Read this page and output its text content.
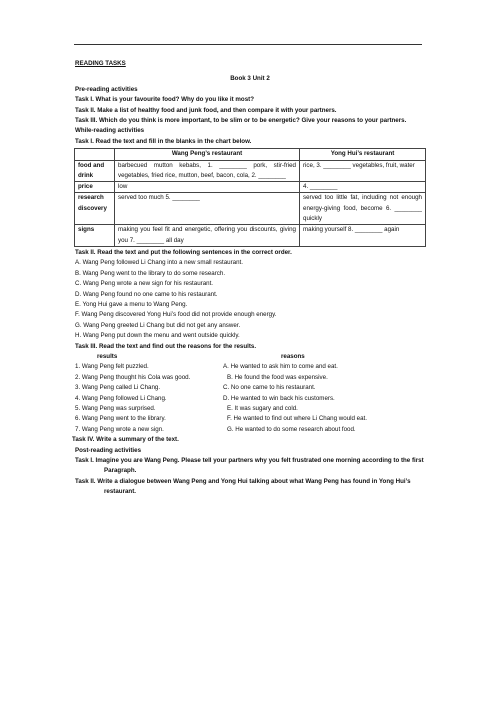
READING TASKS
Book 3 Unit 2
Pre-reading activities
Task I. What is your favourite food? Why do you like it most?
Task II. Make a list of healthy food and junk food, and then compare it with your partners.
Task III. Which do you think is more important, to be slim or to be energetic? Give your reasons to your partners.
While-reading activities
Task I. Read the text and fill in the blanks in the chart below.
	Wang Peng’s restaurant	Yong Hui’s restaurant
food and drink	barbecued mutton kebabs, 1. ________ pork, stir-fried vegetables, fried rice, mutton, beef, bacon, cola, 2. ________	rice, 3. ________ vegetables, fruit, water
price	low	4. ________
research discovery	served too much 5. ________	served too little fat, including not enough energy-giving food, become 6. ________ quickly
signs	making you feel fit and energetic, offering you discounts, giving you 7. ________ all day	making yourself 8. ________ again
Task II. Read the text and put the following sentences in the correct order.
A. Wang Peng followed Li Chang into a new small restaurant.
B. Wang Peng went to the library to do some research.
C. Wang Peng wrote a new sign for his restaurant.
D. Wang Peng found no one came to his restaurant.
E. Yong Hui gave a menu to Wang Peng.
F. Wang Peng discovered Yong Hui’s food did not provide enough energy.
G. Wang Peng greeted Li Chang but did not get any answer.
H. Wang Peng put down the menu and went outside quickly.
Task III. Read the text and find out the reasons for the results.
results	reasons
1. Wang Peng felt puzzled.	A. He wanted to ask him to come and eat.
2. Wang Peng thought his Cola was good.	B. He found the food was expensive.
3. Wang Peng called Li Chang.	C. No one came to his restaurant.
4. Wang Peng followed Li Chang.	D. He wanted to win back his customers.
5. Wang Peng was surprised.	E. It was sugary and cold.
6. Wang Peng went to the library.	F. He wanted to find out where Li Chang would eat.
7. Wang Peng wrote a new sign.	G. He wanted to do some research about food.
Task IV. Write a summary of the text.
Post-reading activities
Task I. Imagine you are Wang Peng. Please tell your partners why you felt frustrated one morning according to the first Paragraph.
Task II. Write a dialogue between Wang Peng and Yong Hui talking about what Wang Peng has found in Yong Hui’s restaurant.
